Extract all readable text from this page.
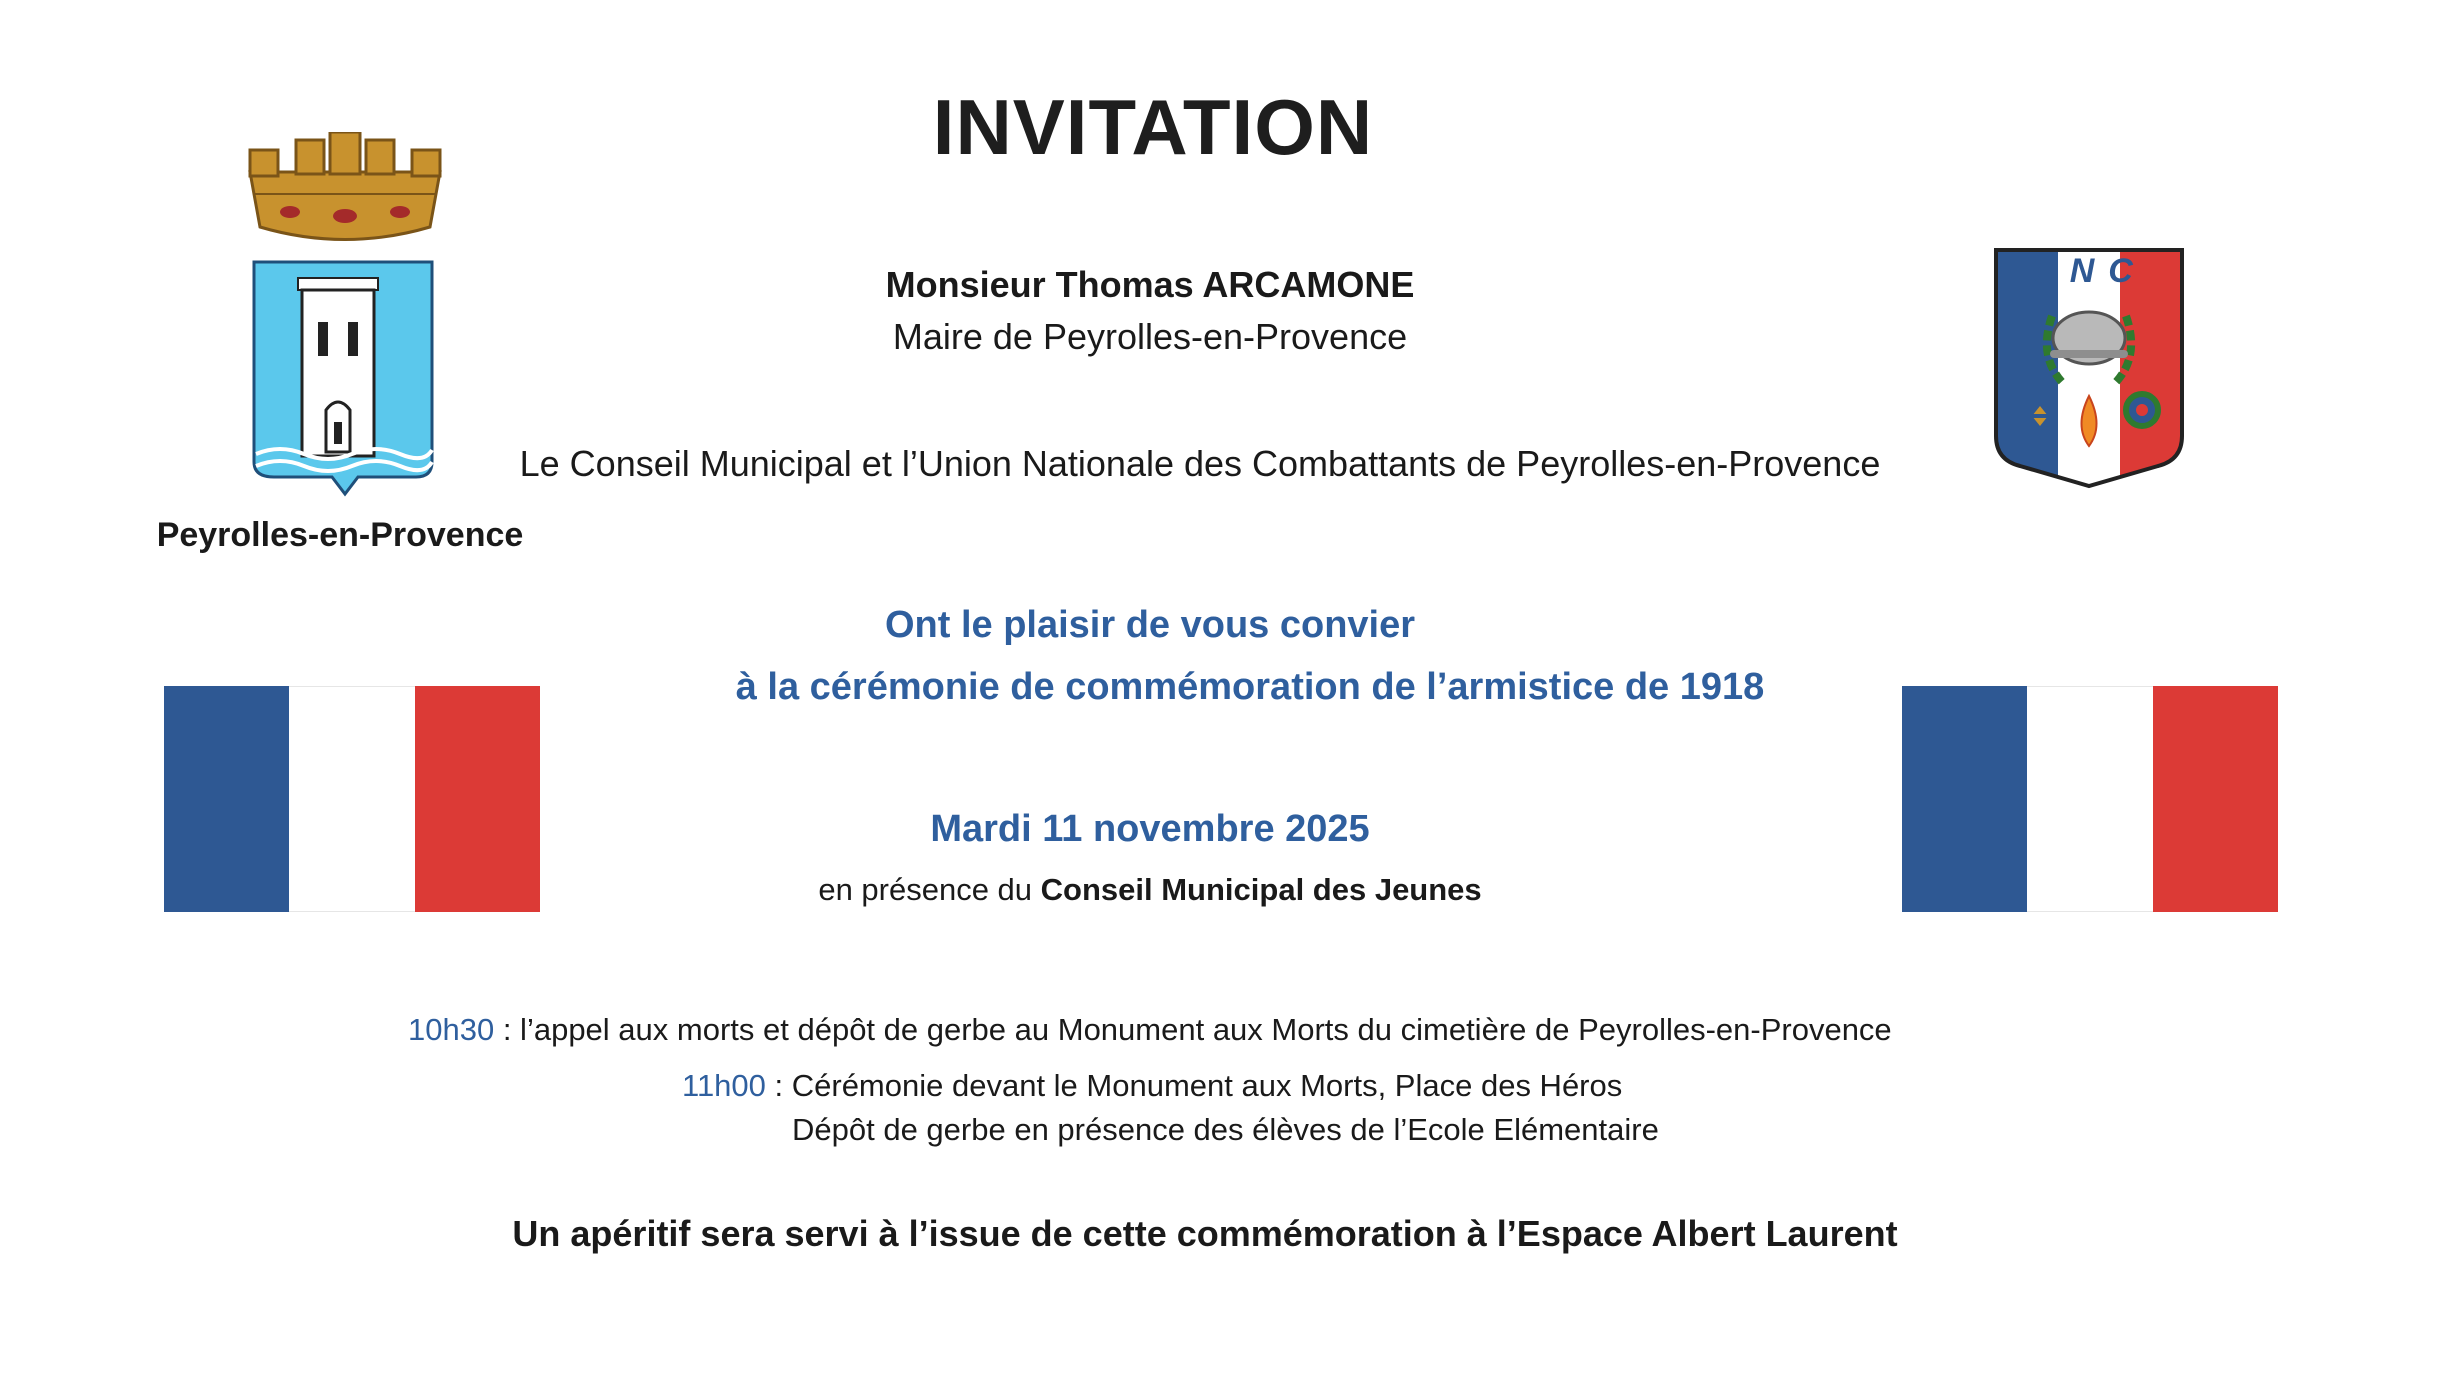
INVITATION
Peyrolles-en-Provence
UNC
Monsieur Thomas ARCAMONE
Maire de Peyrolles-en-Provence
Le Conseil Municipal et l’Union Nationale des Combattants de Peyrolles-en-Provence
Ont le plaisir de vous convier
à la cérémonie de commémoration de l’armistice de 1918
Mardi 11 novembre 2025
en présence du Conseil Municipal des Jeunes
10h30 : l’appel aux morts et dépôt de gerbe au Monument aux Morts du cimetière de Peyrolles-en-Provence
11h00 : Cérémonie devant le Monument aux Morts, Place des Héros
Dépôt de gerbe en présence des élèves de l’Ecole Elémentaire
Un apéritif sera servi à l’issue de cette commémoration à l’Espace Albert Laurent
